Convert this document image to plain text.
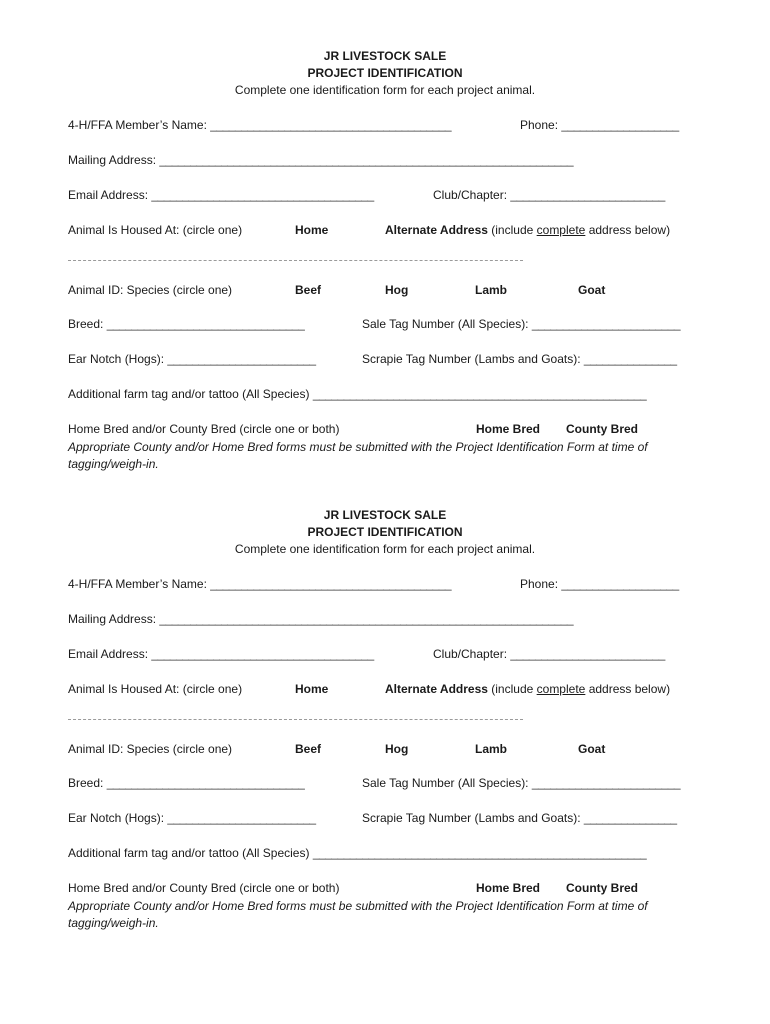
JR LIVESTOCK SALE
PROJECT IDENTIFICATION
Complete one identification form for each project animal.
4-H/FFA Member’s Name: _______________________________________	Phone: ___________________
Mailing Address: ___________________________________________________________________
Email Address: ____________________________________	Club/Chapter: _________________________
Animal Is Housed At: (circle one)	Home	Alternate Address (include complete address below)
Animal ID: Species (circle one)	Beef	Hog	Lamb	Goat
Breed: ________________________________	Sale Tag Number (All Species): ________________________
Ear Notch (Hogs): ________________________	Scrapie Tag Number (Lambs and Goats): _______________
Additional farm tag and/or tattoo (All Species) ______________________________________________________
Home Bred and/or County Bred (circle one or both)	Home Bred County Bred
Appropriate County and/or Home Bred forms must be submitted with the Project Identification Form at time of
tagging/weigh-in.
JR LIVESTOCK SALE
PROJECT IDENTIFICATION
Complete one identification form for each project animal.
4-H/FFA Member’s Name: _______________________________________	Phone: ___________________
Mailing Address: ___________________________________________________________________
Email Address: ____________________________________	Club/Chapter: _________________________
Animal Is Housed At: (circle one)	Home	Alternate Address (include complete address below)
Animal ID: Species (circle one)	Beef	Hog	Lamb	Goat
Breed: ________________________________	Sale Tag Number (All Species): ________________________
Ear Notch (Hogs): ________________________	Scrapie Tag Number (Lambs and Goats): _______________
Additional farm tag and/or tattoo (All Species) ______________________________________________________
Home Bred and/or County Bred (circle one or both)	Home Bred County Bred
Appropriate County and/or Home Bred forms must be submitted with the Project Identification Form at time of
tagging/weigh-in.
